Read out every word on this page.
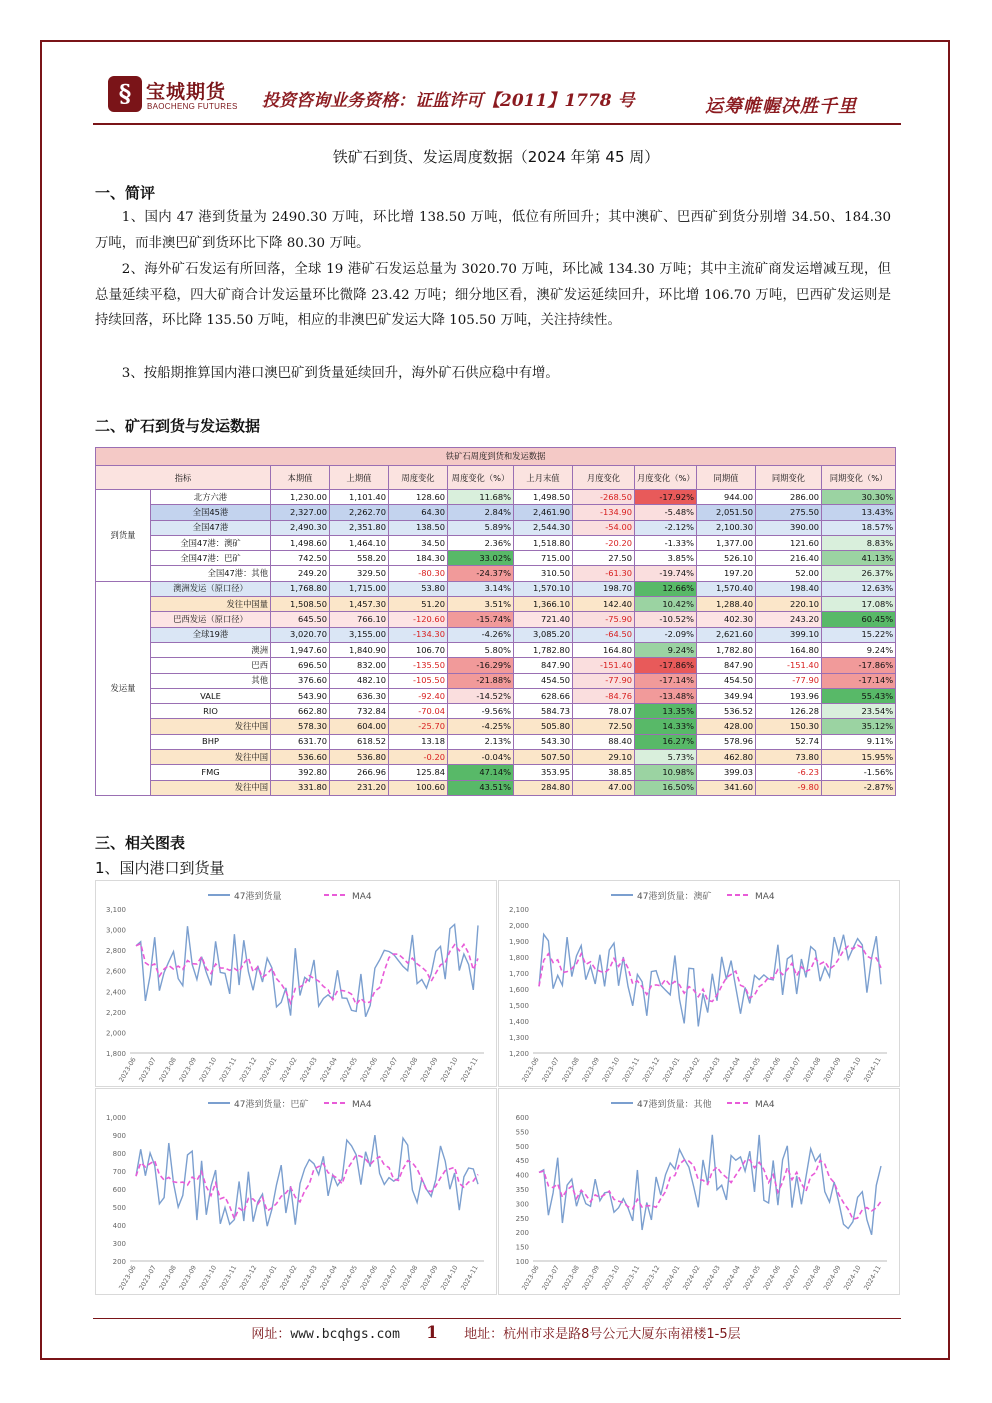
§ 宝城期货
BAOCHENG FUTURES 投资咨询业务资格：证监许可【2011】1778 号	运筹帷幄决胜千里
铁矿石到货、发运周度数据（2024 年第 45 周）
一、简评
1、国内 47 港到货量为 2490.30 万吨，环比增 138.50 万吨，低位有所回升；其中澳矿、巴西矿到货分别增 34.50、184.30 万吨，而非澳巴矿到货环比下降 80.30 万吨。
2、海外矿石发运有所回落，全球 19 港矿石发运总量为 3020.70 万吨，环比减 134.30 万吨；其中主流矿商发运增减互现，但总量延续平稳，四大矿商合计发运量环比微降 23.42 万吨；细分地区看，澳矿发运延续回升，环比增 106.70 万吨，巴西矿发运则是持续回落，环比降 135.50 万吨，相应的非澳巴矿发运大降 105.50 万吨，关注持续性。
3、按船期推算国内港口澳巴矿到货量延续回升，海外矿石供应稳中有增。
二、矿石到货与发运数据
铁矿石周度到货和发运数据											
指标		本期值	上期值	周度变化	周度变化（%）	上月末值	月度变化	月度变化（%）	同期值	同期变化	同期变化（%）
到货量	北方六港	1,230.00	1,101.40	128.60	11.68%	1,498.50	-268.50	-17.92%	944.00	286.00	30.30%
	全国45港	2,327.00	2,262.70	64.30	2.84%	2,461.90	-134.90	-5.48%	2,051.50	275.50	13.43%
	全国47港	2,490.30	2,351.80	138.50	5.89%	2,544.30	-54.00	-2.12%	2,100.30	390.00	18.57%
	全国47港：澳矿	1,498.60	1,464.10	34.50	2.36%	1,518.80	-20.20	-1.33%	1,377.00	121.60	8.83%
	全国47港：巴矿	742.50	558.20	184.30	33.02%	715.00	27.50	3.85%	526.10	216.40	41.13%
	全国47港：其他	249.20	329.50	-80.30	-24.37%	310.50	-61.30	-19.74%	197.20	52.00	26.37%
发运量	澳洲发运（原口径）	1,768.80	1,715.00	53.80	3.14%	1,570.10	198.70	12.66%	1,570.40	198.40	12.63%
	发往中国量	1,508.50	1,457.30	51.20	3.51%	1,366.10	142.40	10.42%	1,288.40	220.10	17.08%
	巴西发运（原口径）	645.50	766.10	-120.60	-15.74%	721.40	-75.90	-10.52%	402.30	243.20	60.45%
	全球19港	3,020.70	3,155.00	-134.30	-4.26%	3,085.20	-64.50	-2.09%	2,621.60	399.10	15.22%
	澳洲	1,947.60	1,840.90	106.70	5.80%	1,782.80	164.80	9.24%	1,782.80	164.80	9.24%
	巴西	696.50	832.00	-135.50	-16.29%	847.90	-151.40	-17.86%	847.90	-151.40	-17.86%
	其他	376.60	482.10	-105.50	-21.88%	454.50	-77.90	-17.14%	454.50	-77.90	-17.14%
	VALE	543.90	636.30	-92.40	-14.52%	628.66	-84.76	-13.48%	349.94	193.96	55.43%
	RIO	662.80	732.84	-70.04	-9.56%	584.73	78.07	13.35%	536.52	126.28	23.54%
	发往中国	578.30	604.00	-25.70	-4.25%	505.80	72.50	14.33%	428.00	150.30	35.12%
	BHP	631.70	618.52	13.18	2.13%	543.30	88.40	16.27%	578.96	52.74	9.11%
	发往中国	536.60	536.80	-0.20	-0.04%	507.50	29.10	5.73%	462.80	73.80	15.95%
	FMG	392.80	266.96	125.84	47.14%	353.95	38.85	10.98%	399.03	-6.23	-1.56%
	发往中国	331.80	231.20	100.60	43.51%	284.80	47.00	16.50%	341.60	-9.80	-2.87%
三、相关图表
1、国内港口到货量
47港到货量	MA4
3,100
3,000
2,800
2,600
2,400
2,200
2,000
1,800
2023-06 2023-07 2023-08 2023-09 2023-10 2023-11 2023-12 2024-01 2024-02 2024-03 2024-04 2024-05 2024-06 2024-07 2024-08 2024-09 2024-10 2024-11
47港到货量：澳矿	MA4
2,100
2,000
1,900
1,800
1,700
1,600
1,500
1,400
1,300
1,200
2023-06 2023-07 2023-08 2023-09 2023-10 2023-11 2023-12 2024-01 2024-02 2024-03 2024-04 2024-05 2024-06 2024-07 2024-08 2024-09 2024-10 2024-11
47港到货量：巴矿	MA4
1,000
900
800
700
600
500
400
300
200
2023-06 2023-07 2023-08 2023-09 2023-10 2023-11 2023-12 2024-01 2024-02 2024-03 2024-04 2024-05 2024-06 2024-07 2024-08 2024-09 2024-10 2024-11
47港到货量：其他	MA4
600
550
500
450
400
350
300
250
200
150
100
2023-06 2023-07 2023-08 2023-09 2023-10 2023-11 2023-12 2024-01 2024-02 2024-03 2024-04 2024-05 2024-06 2024-07 2024-08 2024-09 2024-10 2024-11
网址：www.bcqhgs.com 1 地址：杭州市求是路8号公元大厦东南裙楼1-5层
